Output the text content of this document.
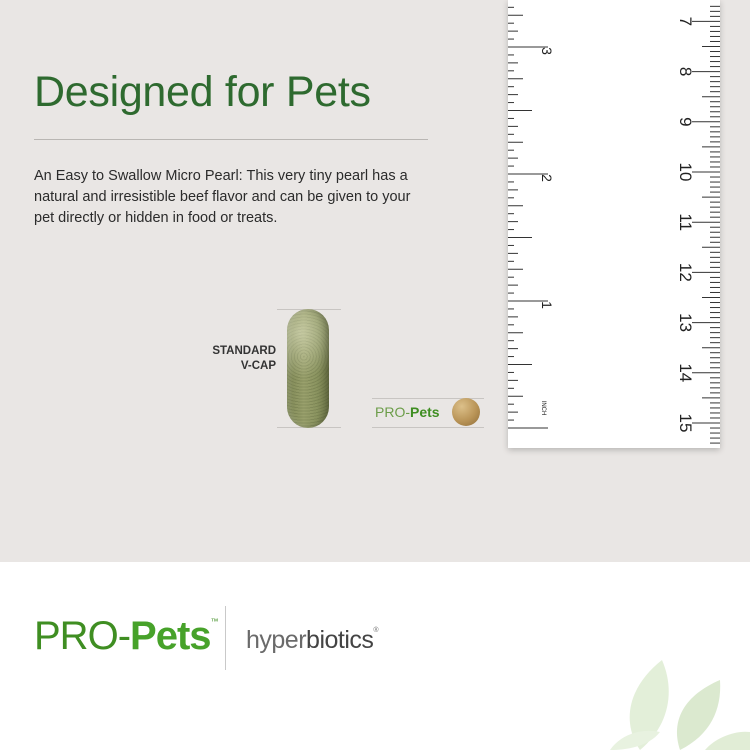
Designed for Pets

An Easy to Swallow Micro Pearl: This very tiny pearl has a natural and irresistible beef flavor and can be given to your pet directly or hidden in food or treats.

STANDARD
V-CAP
PRO-Pets
3
2
1
INCH
7
8
9
10
11
12
13
14
15
PRO-Pets™
hyperbiotics®
